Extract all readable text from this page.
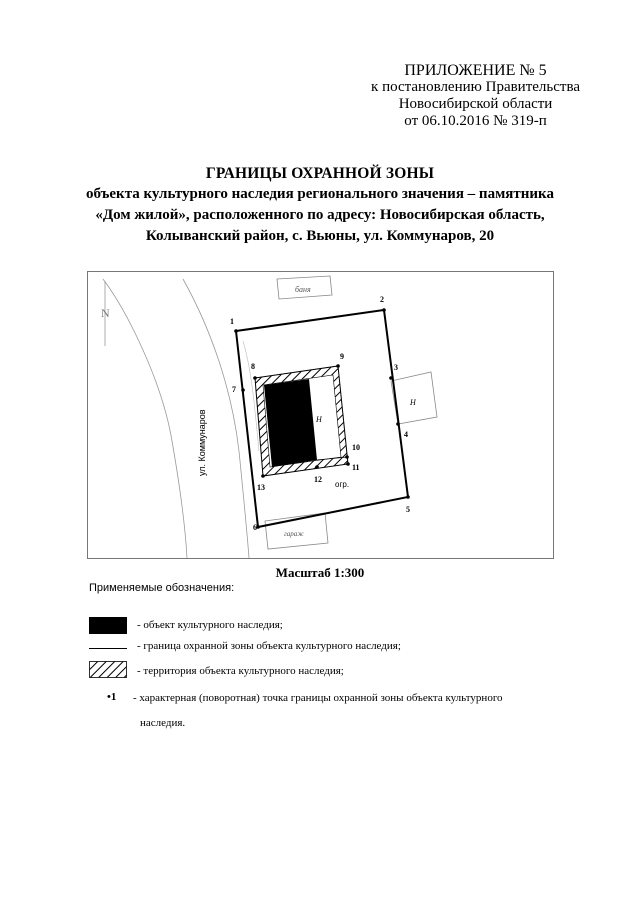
ПРИЛОЖЕНИЕ № 5
к постановлению Правительства
Новосибирской области
от 06.10.2016 № 319-п
ГРАНИЦЫ ОХРАННОЙ ЗОНЫ
объекта культурного наследия регионального значения – памятника
«Дом жилой», расположенного по адресу: Новосибирская область,
Колыванский район, с. Вьюны, ул. Коммунаров, 20
N
ул. Коммунаров
баня
Н
гараж
Н
огр.
1
2
3
4
5
6
7
8
9
10
11
12
13
Масштаб 1:300
Применяемые обозначения:
- объект культурного наследия;
- граница охранной зоны объекта культурного наследия;
- территория объекта культурного наследия;
•1 - характерная (поворотная) точка границы охранной зоны объекта культурного
наследия.
